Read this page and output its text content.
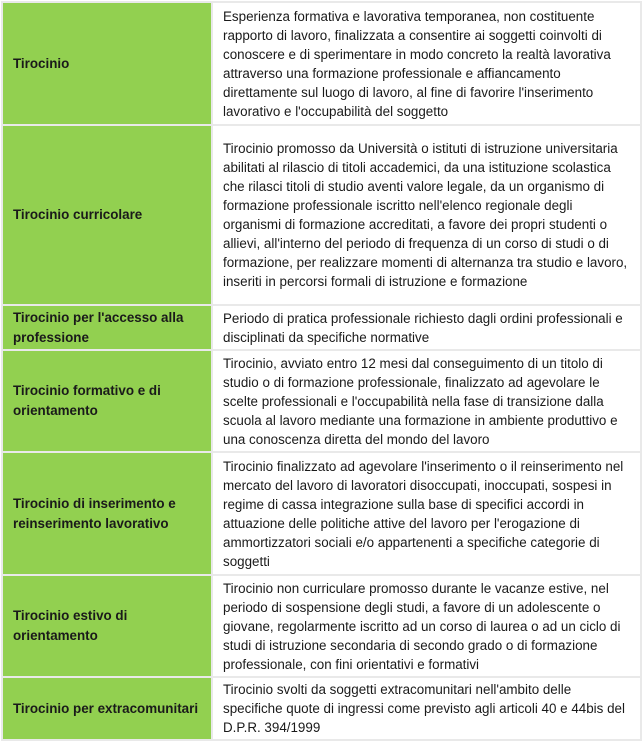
Tirocinio	Esperienza formativa e lavorativa temporanea, non costituente rapporto di lavoro, finalizzata a consentire ai soggetti coinvolti di conoscere e di sperimentare in modo concreto la realtà lavorativa attraverso una formazione professionale e affiancamento direttamente sul luogo di lavoro, al fine di favorire l'inserimento lavorativo e l'occupabilità del soggetto
Tirocinio curricolare	Tirocinio promosso da Università o istituti di istruzione universitaria abilitati al rilascio di titoli accademici, da una istituzione scolastica che rilasci titoli di studio aventi valore legale, da un organismo di formazione professionale iscritto nell'elenco regionale degli organismi di formazione accreditati, a favore dei propri studenti o allievi, all'interno del periodo di frequenza di un corso di studi o di formazione, per realizzare momenti di alternanza tra studio e lavoro, inseriti in percorsi formali di istruzione e formazione
Tirocinio per l'accesso alla professione	Periodo di pratica professionale richiesto dagli ordini professionali e disciplinati da specifiche normative
Tirocinio formativo e di orientamento	Tirocinio, avviato entro 12 mesi dal conseguimento di un titolo di studio o di formazione professionale, finalizzato ad agevolare le scelte professionali e l'occupabilità nella fase di transizione dalla scuola al lavoro mediante una formazione in ambiente produttivo e una conoscenza diretta del mondo del lavoro
Tirocinio di inserimento e reinserimento lavorativo	Tirocinio finalizzato ad agevolare l'inserimento o il reinserimento nel mercato del lavoro di lavoratori disoccupati, inoccupati, sospesi in regime di cassa integrazione sulla base di specifici accordi in attuazione delle politiche attive del lavoro per l'erogazione di ammortizzatori sociali e/o appartenenti a specifiche categorie di soggetti
Tirocinio estivo di orientamento	Tirocinio non curriculare promosso durante le vacanze estive, nel periodo di sospensione degli studi, a favore di un adolescente o giovane, regolarmente iscritto ad un corso di laurea o ad un ciclo di studi di istruzione secondaria di secondo grado o di formazione professionale, con fini orientativi e formativi
Tirocinio per extracomunitari	Tirocinio svolti da soggetti extracomunitari nell'ambito delle specifiche quote di ingressi come previsto agli articoli 40 e 44bis del D.P.R. 394/1999
